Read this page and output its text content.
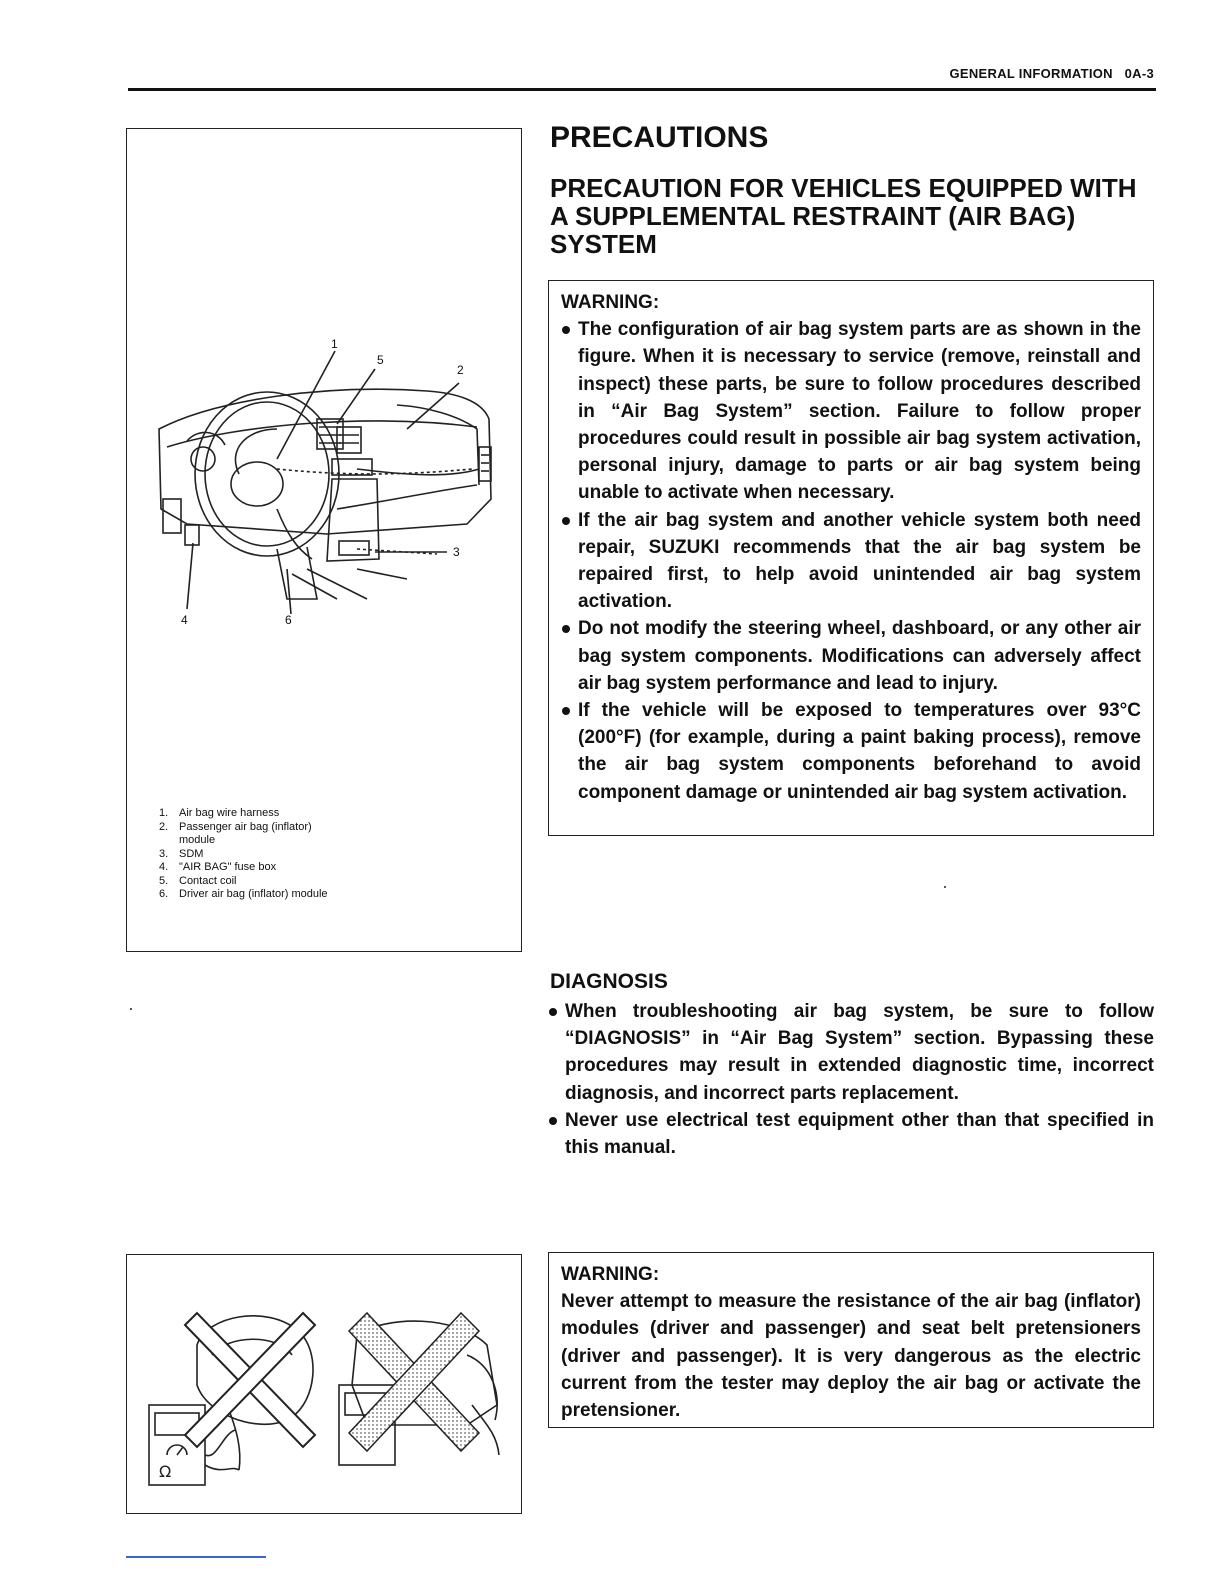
GENERAL INFORMATION 0A-3
1
5
2
3
4	6
1. Air bag wire harness
2. Passenger air bag (inflator) module
3. SDM
4. "AIR BAG" fuse box
5. Contact coil
6. Driver air bag (inflator) module
PRECAUTIONS
PRECAUTION FOR VEHICLES EQUIPPED WITH A SUPPLEMENTAL RESTRAINT (AIR BAG) SYSTEM

WARNING:

The configuration of air bag system parts are as shown in the figure. When it is necessary to service (remove, reinstall and inspect) these parts, be sure to follow procedures described in “Air Bag System” section. Failure to follow proper procedures could result in possible air bag system activation, personal injury, damage to parts or air bag system being unable to activate when necessary.
If the air bag system and another vehicle system both need repair, SUZUKI recommends that the air bag system be repaired first, to help avoid unintended air bag system activation.
Do not modify the steering wheel, dashboard, or any other air bag system components. Modifications can adversely affect air bag system performance and lead to injury.
If the vehicle will be exposed to temperatures over 93°C (200°F) (for example, during a paint baking process), remove the air bag system components beforehand to avoid component damage or unintended air bag system activation.
DIAGNOSIS
When troubleshooting air bag system, be sure to follow “DIAGNOSIS” in “Air Bag System” section. Bypassing these procedures may result in extended diagnostic time, incorrect diagnosis, and incorrect parts replacement.
Never use electrical test equipment other than that specified in this manual.
Ω

WARNING:

Never attempt to measure the resistance of the air bag (inflator) modules (driver and passenger) and seat belt pretensioners (driver and passenger). It is very dangerous as the electric current from the tester may deploy the air bag or activate the pretensioner.
